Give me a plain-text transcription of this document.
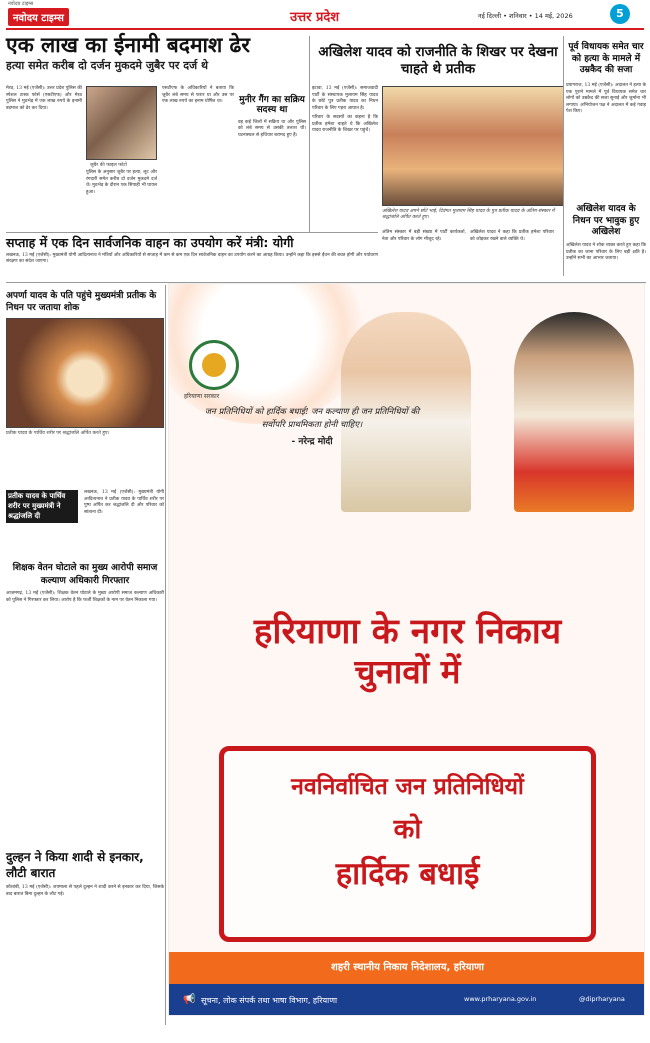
नवोदय टाइम्स
नवोदय टाइम्स	उत्तर प्रदेश	नई दिल्ली • शनिवार • 14 मई, 2026	5
एक लाख का ईनामी बदमाश ढेर
हत्या समेत करीब दो दर्जन मुकदमे जुबैर पर दर्ज थे

मेरठ, 13 मई (एजेंसी): उत्तर प्रदेश पुलिस की स्पेशल टास्क फोर्स (एसटीएफ) और मेरठ पुलिस ने मुठभेड़ में एक लाख रुपये के इनामी बदमाश को ढेर कर दिया।

जुबैर की फाइल फोटो

पुलिस के अनुसार जुबैर पर हत्या, लूट और रंगदारी समेत करीब दो दर्जन मुकदमे दर्ज थे। मुठभेड़ के दौरान एक सिपाही भी घायल हुआ।

एसटीएफ के अधिकारियों ने बताया कि जुबैर लंबे समय से फरार था और उस पर एक लाख रुपये का इनाम घोषित था।	मुनीर गैंग का सक्रिय सदस्य था
वह कई जिलों में सक्रिय था और पुलिस को लंबे समय से उसकी तलाश थी। घटनास्थल से हथियार बरामद हुए हैं।
अखिलेश यादव को राजनीति के शिखर पर देखना चाहते थे प्रतीक

इटावा, 13 मई (एजेंसी): समाजवादी पार्टी के संस्थापक मुलायम सिंह यादव के छोटे पुत्र प्रतीक यादव का निधन परिवार के लिए गहरा आघात है।

परिवार के सदस्यों का कहना है कि प्रतीक हमेशा चाहते थे कि अखिलेश यादव राजनीति के शिखर पर पहुंचें।

अखिलेश यादव अपने छोटे भाई, दिवंगत मुलायम सिंह यादव के पुत्र प्रतीक यादव के अंतिम संस्कार में श्रद्धांजलि अर्पित करते हुए।

अंतिम संस्कार में बड़ी संख्या में पार्टी कार्यकर्ता, नेता और परिवार के लोग मौजूद रहे।

अखिलेश यादव ने कहा कि प्रतीक हमेशा परिवार को जोड़कर रखने वाले व्यक्ति थे।

पूर्व विधायक समेत चार को हत्या के मामले में उम्रकैद की सजा
प्रयागराज, 13 मई (एजेंसी): अदालत ने हत्या के एक पुराने मामले में पूर्व विधायक समेत चार लोगों को उम्रकैद की सजा सुनाई और जुर्माना भी लगाया। अभियोजन पक्ष ने अदालत में कई गवाह पेश किए।
सप्ताह में एक दिन सार्वजनिक वाहन का उपयोग करें मंत्री: योगी
लखनऊ, 13 मई (एजेंसी): मुख्यमंत्री योगी आदित्यनाथ ने मंत्रियों और अधिकारियों से सप्ताह में कम से कम एक दिन सार्वजनिक वाहन का उपयोग करने का आग्रह किया। उन्होंने कहा कि इससे ईंधन की बचत होगी और पर्यावरण संरक्षण का संदेश जाएगा।
अखिलेश यादव के निधन पर भावुक हुए अखिलेश
अखिलेश यादव ने शोक व्यक्त करते हुए कहा कि प्रतीक का जाना परिवार के लिए बड़ी क्षति है। उन्होंने सभी का आभार जताया।
अपर्णा यादव के पति पहुंचे मुख्यमंत्री प्रतीक के निधन पर जताया शोक
प्रतीक यादव के पार्थिव शरीर पर श्रद्धांजलि अर्पित करते हुए।
प्रतीक यादव के पार्थिव शरीर पर मुख्यमंत्री ने श्रद्धांजलि दी
लखनऊ, 13 मई (एजेंसी): मुख्यमंत्री योगी आदित्यनाथ ने प्रतीक यादव के पार्थिव शरीर पर पुष्प अर्पित कर श्रद्धांजलि दी और परिवार को सांत्वना दी।
शिक्षक वेतन घोटाले का मुख्य आरोपी समाज कल्याण अधिकारी गिरफ्तार
आज़मगढ़, 13 मई (एजेंसी): शिक्षक वेतन घोटाले के मुख्य आरोपी समाज कल्याण अधिकारी को पुलिस ने गिरफ्तार कर लिया। आरोप है कि फर्जी शिक्षकों के नाम पर वेतन निकाला गया।
दुल्हन ने किया शादी से इनकार, लौटी बारात
कौशांबी, 13 मई (एजेंसी): जयमाला से पहले दुल्हन ने शादी करने से इनकार कर दिया, जिसके बाद बारात बिना दुल्हन के लौट गई।
हरियाणा सरकार
जन प्रतिनिधियों को हार्दिक बधाई! जन कल्याण ही जन प्रतिनिधियों की सर्वोपरि प्राथमिकता होनी चाहिए।
- नरेन्द्र मोदी
हरियाणा के नगर निकाय
चुनावों में
नवनिर्वाचित जन प्रतिनिधियों
को
हार्दिक बधाई
शहरी स्थानीय निकाय निदेशालय, हरियाणा
📢 सूचना, लोक संपर्क तथा भाषा विभाग, हरियाणा	www.prharyana.gov.in	@diprharyana
